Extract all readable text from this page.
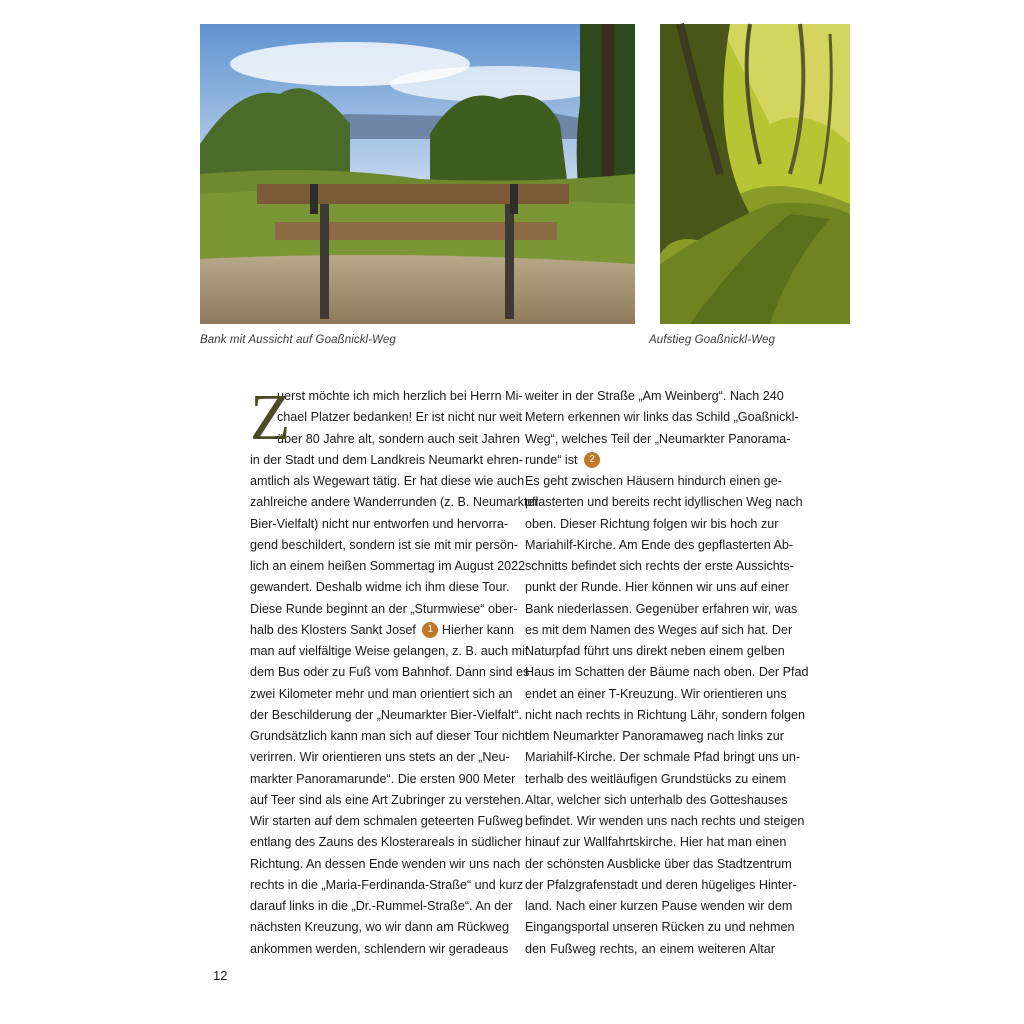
Bank mit Aussicht auf Goaßnickl-Weg	Aufstieg Goaßnickl-Weg
Z
uerst möchte ich mich herzlich bei Herrn Mi-
chael Platzer bedanken! Er ist nicht nur weit
über 80 Jahre alt, sondern auch seit Jahren
in der Stadt und dem Landkreis Neumarkt ehren-
amtlich als Wegewart tätig. Er hat diese wie auch
zahlreiche andere Wanderrunden (z. B. Neumarkter
Bier-Vielfalt) nicht nur entworfen und hervorra-
gend beschildert, sondern ist sie mit mir persön-
lich an einem heißen Sommertag im August 2022
gewandert. Deshalb widme ich ihm diese Tour.
Diese Runde beginnt an der „Sturmwiese“ ober-
halb des Klosters Sankt Josef 1 Hierher kann
man auf vielfältige Weise gelangen, z. B. auch mit
dem Bus oder zu Fuß vom Bahnhof. Dann sind es
zwei Kilometer mehr und man orientiert sich an
der Beschilderung der „Neumarkter Bier-Vielfalt“.
Grundsätzlich kann man sich auf dieser Tour nicht
verirren. Wir orientieren uns stets an der „Neu-
markter Panoramarunde“. Die ersten 900 Meter
auf Teer sind als eine Art Zubringer zu verstehen.
Wir starten auf dem schmalen geteerten Fußweg
entlang des Zauns des Klosterareals in südlicher
Richtung. An dessen Ende wenden wir uns nach
rechts in die „Maria-Ferdinanda-Straße“ und kurz
darauf links in die „Dr.-Rummel-Straße“. An der
nächsten Kreuzung, wo wir dann am Rückweg
ankommen werden, schlendern wir geradeaus
weiter in der Straße „Am Weinberg“. Nach 240
Metern erkennen wir links das Schild „Goaßnickl-
Weg“, welches Teil der „Neumarkter Panorama-
runde“ ist 2
Es geht zwischen Häusern hindurch einen ge-
pflasterten und bereits recht idyllischen Weg nach
oben. Dieser Richtung folgen wir bis hoch zur
Mariahilf-Kirche. Am Ende des gepflasterten Ab-
schnitts befindet sich rechts der erste Aussichts-
punkt der Runde. Hier können wir uns auf einer
Bank niederlassen. Gegenüber erfahren wir, was
es mit dem Namen des Weges auf sich hat. Der
Naturpfad führt uns direkt neben einem gelben
Haus im Schatten der Bäume nach oben. Der Pfad
endet an einer T-Kreuzung. Wir orientieren uns
nicht nach rechts in Richtung Lähr, sondern folgen
dem Neumarkter Panoramaweg nach links zur
Mariahilf-Kirche. Der schmale Pfad bringt uns un-
terhalb des weitläufigen Grundstücks zu einem
Altar, welcher sich unterhalb des Gotteshauses
befindet. Wir wenden uns nach rechts und steigen
hinauf zur Wallfahrtskirche. Hier hat man einen
der schönsten Ausblicke über das Stadtzentrum
der Pfalzgrafenstadt und deren hügeliges Hinter-
land. Nach einer kurzen Pause wenden wir dem
Eingangsportal unseren Rücken zu und nehmen
den Fußweg rechts, an einem weiteren Altar
12
